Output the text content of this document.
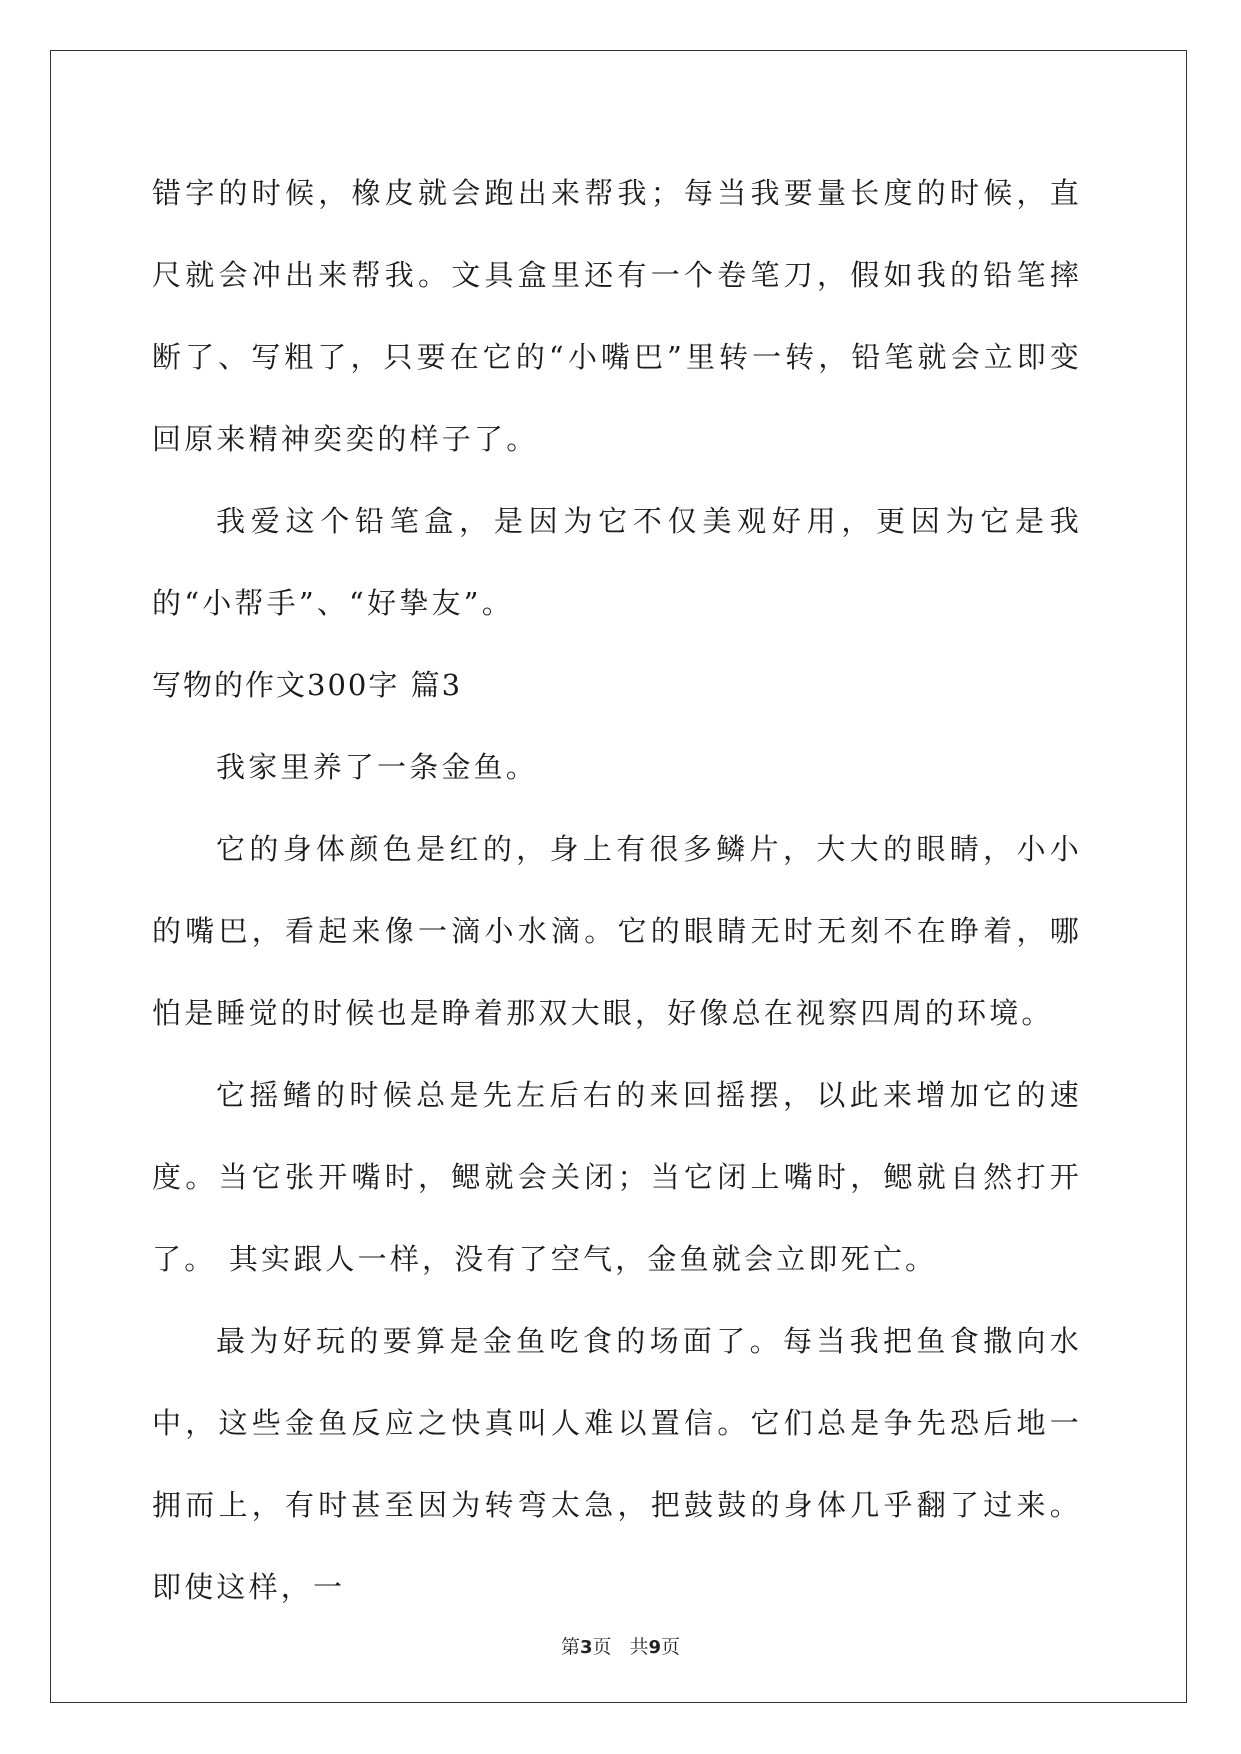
错字的时候，橡皮就会跑出来帮我；每当我要量长度的时候，直尺就会冲出来帮我。文具盒里还有一个卷笔刀，假如我的铅笔摔断了、写粗了，只要在它的“小嘴巴”里转一转，铅笔就会立即变回原来精神奕奕的样子了。

我爱这个铅笔盒，是因为它不仅美观好用，更因为它是我的“小帮手”、“好挚友”。

写物的作文300字 篇3

我家里养了一条金鱼。

它的身体颜色是红的，身上有很多鳞片，大大的眼睛，小小的嘴巴，看起来像一滴小水滴。它的眼睛无时无刻不在睁着，哪怕是睡觉的时候也是睁着那双大眼，好像总在视察四周的环境。

它摇鳍的时候总是先左后右的来回摇摆，以此来增加它的速度。当它张开嘴时，鳃就会关闭；当它闭上嘴时，鳃就自然打开了。 其实跟人一样，没有了空气，金鱼就会立即死亡。

最为好玩的要算是金鱼吃食的场面了。每当我把鱼食撒向水中，这些金鱼反应之快真叫人难以置信。它们总是争先恐后地一拥而上，有时甚至因为转弯太急，把鼓鼓的身体几乎翻了过来。即使这样，一

第3页 共9页
